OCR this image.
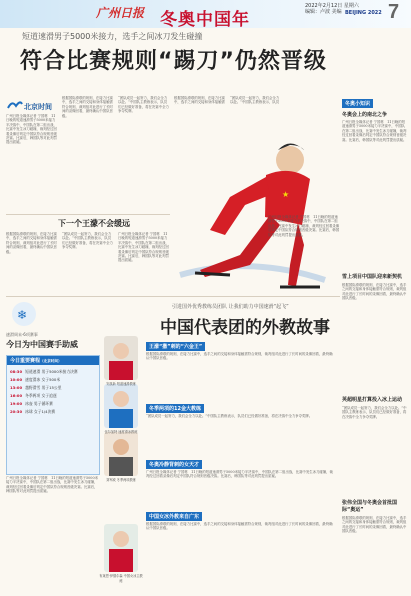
广州日报 冬奥中国年
2022年2月12日 星期六
编辑：卢波 美编 BEIJING 2022 7
短道速滑男子5000米接力，选手之间冰刀发生碰撞
符合比赛规则“踢刀”仍然晋级
北京时间
广州日报全媒体记者 宁国栋　11日晚的短道速滑男子5000米接力半决赛中，中国队在第二组出战，比赛中发生冰刀碰撞，裁判经过回看录像后判定中国队符合规则晋级决赛。比赛后，韩国队等对此判罚提出质疑。
根据国际滑联的规则，在接力比赛中，选手之间的交接和身体接触需符合规则，裁判组对此进行了长时间的录像回看，最终确认中国队晋级。
“团队成员一起努力，我们会全力以赴。”中国队主教练表示，队员们已经做好准备，将在决赛中全力争夺奖牌。
根据国际滑联的规则，在接力比赛中，选手之间的交接和身体接触需
“团队成员一起努力，我们会全力以赴。”中国队主教练表示，队员
★
广州日报全媒体记者 宁国栋　11日晚的短道速滑男子5000米接力半决赛中，中国队在第二组出战，比赛中发生冰刀碰撞，裁判经过回看录像后判定中国队符合规则晋级决赛。比赛后，韩国队等对此判罚提出质疑。
下一个王濛不会缓远
根据国际滑联的规则，在接力比赛中，选手之间的交接和身体接触需符合规则，裁判组对此进行了长时间的录像回看，最终确认中国队晋级。
“团队成员一起努力，我们会全力以赴。”中国队主教练表示，队员们已经做好准备，将在决赛中全力争夺奖牌。
广州日报全媒体记者 宁国栋　11日晚的短道速滑男子5000米接力半决赛中，中国队在第二组出战，比赛中发生冰刀碰撞，裁判经过回看录像后判定中国队符合规则晋级决赛。比赛后，韩国队等对此判罚提出质疑。
冬奥小知识
冬奥会上的南北之争
广州日报全媒体记者 宁国栋　11日晚的短道速滑男子5000米接力半决赛中，中国队在第二组出战，比赛中发生冰刀碰撞，裁判经过回看录像后判定中国队符合规则晋级决赛。比赛后，韩国队等对此判罚提出质疑。
雪上项目中国队迎来新契机
根据国际滑联的规则，在接力比赛中，选手之间的交接和身体接触需符合规则，裁判组对此进行了长时间的录像回看，最终确认中国队晋级。
英超明星打算投入冰上运动
“团队成员一起努力，我们会全力以赴。”中国队主教练表示，队员们已经做好准备，将在决赛中全力争夺奖牌。
张伟全国与冬奥会首批国际“奥运”
根据国际滑联的规则，在接力比赛中，选手之间的交接和身体接触需符合规则，裁判组对此进行了长时间的录像回看，最终确认中国队晋级。
❄
引进国外优秀教练员团队 让我们助力中国速滑“起飞”
中国代表团的外教故事
速滑周末·6项赛事
今日为中国赛手助威
今日重要赛程（北京时间）
08:30 短道速滑 男子5000米接力决赛
10:00 速度滑冰 女子500米
13:00 越野滑雪 男子15公里
16:00 冬季两项 女子追逐
19:00 冰壶 男子循环赛
20:30 冰球 女子1/4决赛
广州日报全媒体记者 宁国栋　11日晚的短道速滑男子5000米接力半决赛中，中国队在第二组出战，比赛中发生冰刀碰撞，裁判经过回看录像后判定中国队符合规则晋级决赛。比赛后，韩国队等对此判罚提出质疑。
安凯新 短道速滑教练
伍尔加特 速度滑冰教练
刘军威 冬季两项教练
布莱恩·伊德尔森 中国女冰主教练
王濛“撒”刺的“六金王”
根据国际滑联的规则，在接力比赛中，选手之间的交接和身体接触需符合规则，裁判组对此进行了长时间的录像回看，最终确认中国队晋级。
冬季两项的12金大教练
“团队成员一起努力，我们会全力以赴。”中国队主教练表示，队员们已经做好准备，将在决赛中全力争夺奖牌。
冬奥冷静背刺的女天才
广州日报全媒体记者 宁国栋　11日晚的短道速滑男子5000米接力半决赛中，中国队在第二组出战，比赛中发生冰刀碰撞，裁判经过回看录像后判定中国队符合规则晋级决赛。比赛后，韩国队等对此判罚提出质疑。
中国女冰外教来自广东
根据国际滑联的规则，在接力比赛中，选手之间的交接和身体接触需符合规则，裁判组对此进行了长时间的录像回看，最终确认中国队晋级。
